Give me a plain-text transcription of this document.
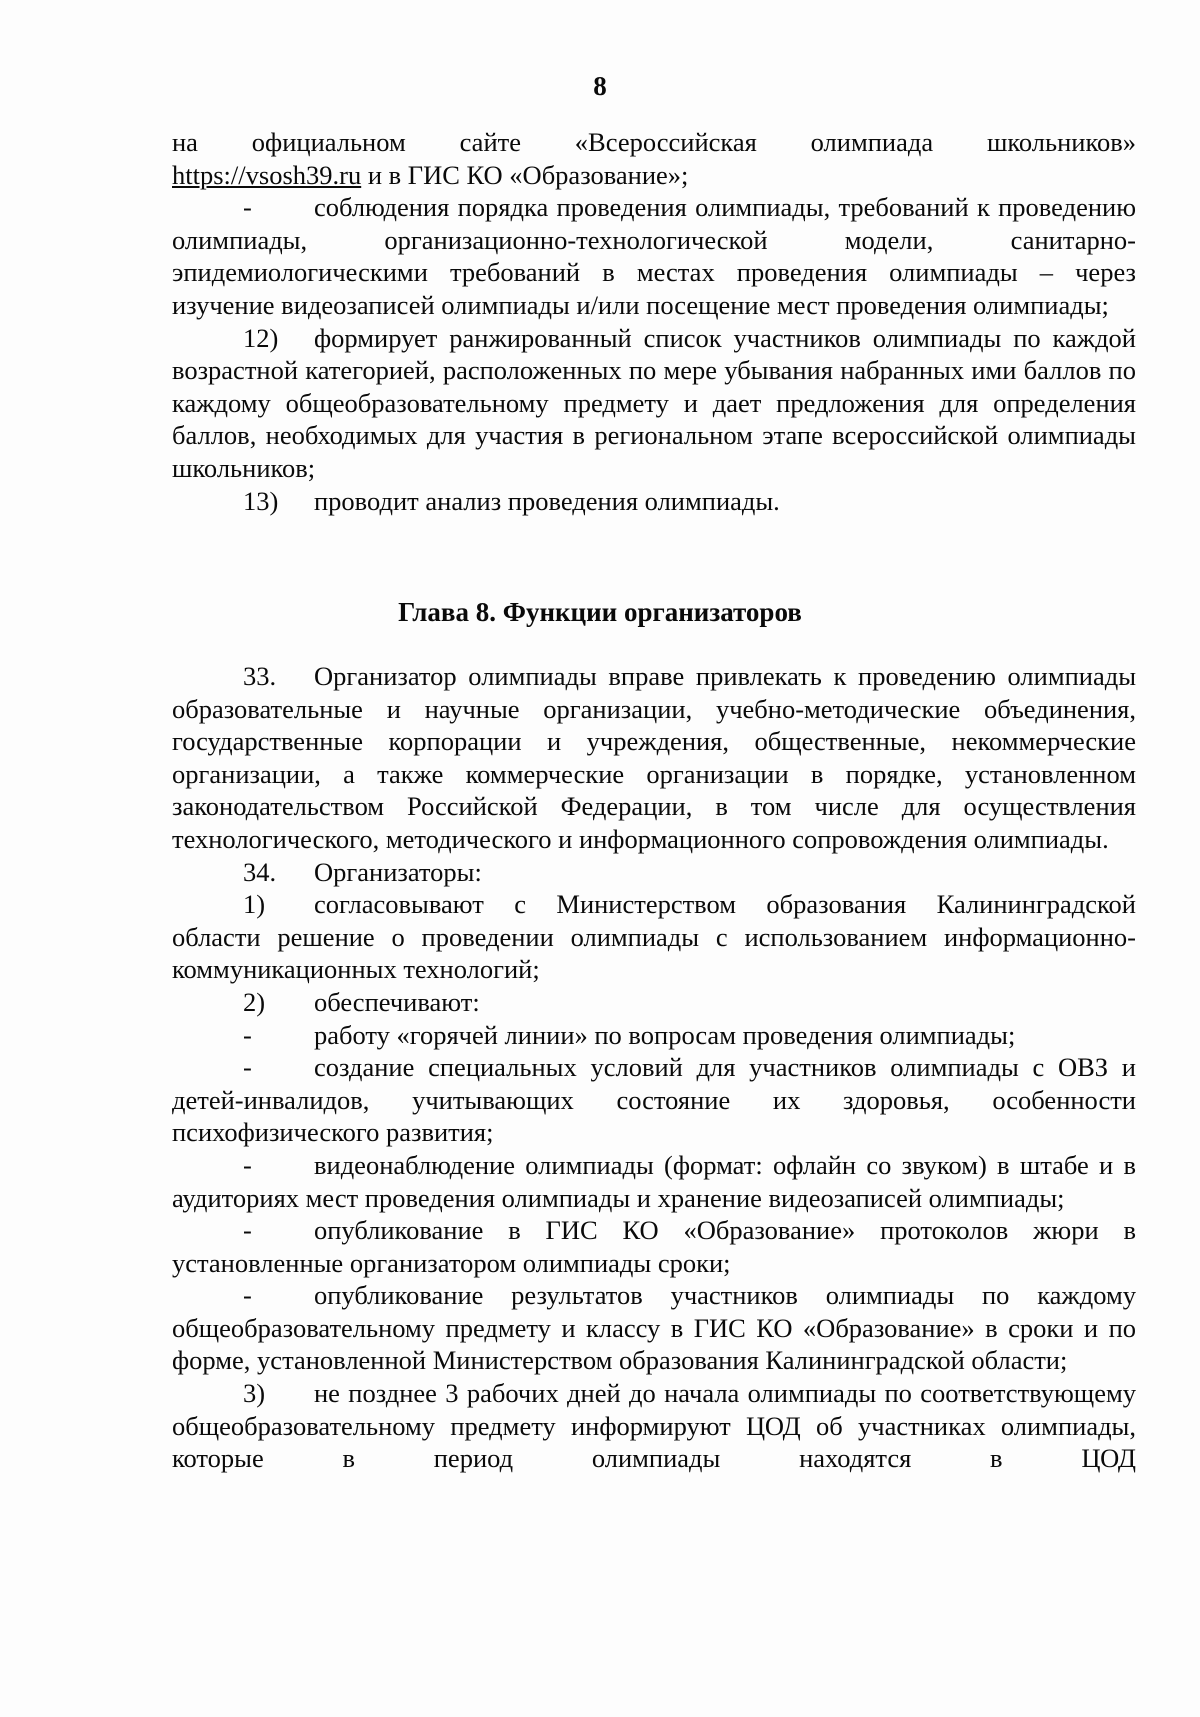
8

на официальном сайте «Всероссийская олимпиада школьников»

https://vsosh39.ru и в ГИС КО «Образование»;

- соблюдения порядка проведения олимпиады, требований к проведению олимпиады, организационно-технологической модели, санитарно-эпидемиологическими требований в местах проведения олимпиады – через изучение видеозаписей олимпиады и/или посещение мест проведения олимпиады;

12) формирует ранжированный список участников олимпиады по каждой возрастной категорией, расположенных по мере убывания набранных ими баллов по каждому общеобразовательному предмету и дает предложения для определения баллов, необходимых для участия в региональном этапе всероссийской олимпиады школьников;

13) проводит анализ проведения олимпиады.

Глава 8. Функции организаторов

33. Организатор олимпиады вправе привлекать к проведению олимпиады образовательные и научные организации, учебно-методические объединения, государственные корпорации и учреждения, общественные, некоммерческие организации, а также коммерческие организации в порядке, установленном законодательством Российской Федерации, в том числе для осуществления технологического, методического и информационного сопровождения олимпиады.

34. Организаторы:

1) согласовывают с Министерством образования Калининградской области решение о проведении олимпиады с использованием информационно-коммуникационных технологий;

2) обеспечивают:

- работу «горячей линии» по вопросам проведения олимпиады;

- создание специальных условий для участников олимпиады с ОВЗ и детей-инвалидов, учитывающих состояние их здоровья, особенности психофизического развития;

- видеонаблюдение олимпиады (формат: офлайн со звуком) в штабе и в аудиториях мест проведения олимпиады и хранение видеозаписей олимпиады;

- опубликование в ГИС КО «Образование» протоколов жюри в установленные организатором олимпиады сроки;

- опубликование результатов участников олимпиады по каждому общеобразовательному предмету и классу в ГИС КО «Образование» в сроки и по форме, установленной Министерством образования Калининградской области;

3) не позднее 3 рабочих дней до начала олимпиады по соответствующему общеобразовательному предмету информируют ЦОД об участниках олимпиады, которые в период олимпиады находятся в ЦОД
